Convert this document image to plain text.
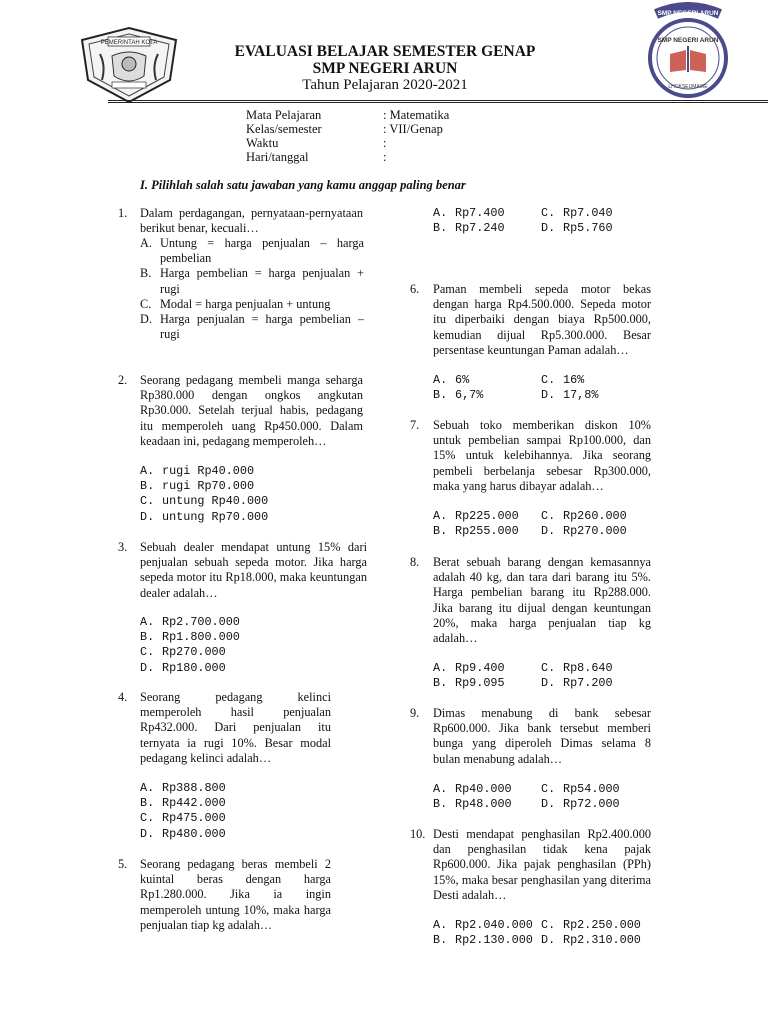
PEMERINTAH KOTA
SMP NEGERI ARUN
SMP NEGERI ARUN
LHOKSEUMAWE
EVALUASI BELAJAR SEMESTER GENAP
SMP NEGERI ARUN
Tahun Pelajaran 2020-2021
Mata Pelajaran	: Matematika
Kelas/semester	: VII/Genap
Waktu	:
Hari/tanggal	:
I. Pilihlah salah satu jawaban yang kamu anggap paling benar
1. Dalam perdagangan, pernyataan-pernyataan berikut benar, kecuali…
A. Untung = harga penjualan – harga pembelian
B. Harga pembelian = harga penjualan + rugi
C. Modal = harga penjualan + untung
D. Harga penjualan = harga pembelian – rugi
2. Seorang pedagang membeli manga seharga Rp380.000 dengan ongkos angkutan Rp30.000. Setelah terjual habis, pedagang itu memperoleh uang Rp450.000. Dalam keadaan ini, pedagang memperoleh…
A. rugi Rp40.000
B. rugi Rp70.000
C. untung Rp40.000
D. untung Rp70.000
3. Sebuah dealer mendapat untung 15% dari penjualan sebuah sepeda motor. Jika harga sepeda motor itu Rp18.000, maka keuntungan dealer adalah…
A. Rp2.700.000
B. Rp1.800.000
C. Rp270.000
D. Rp180.000
4. Seorang pedagang kelinci memperoleh hasil penjualan Rp432.000. Dari penjualan itu ternyata ia rugi 10%. Besar modal pedagang kelinci adalah…
A. Rp388.800
B. Rp442.000
C. Rp475.000
D. Rp480.000
5. Seorang pedagang beras membeli 2 kuintal beras dengan harga Rp1.280.000. Jika ia ingin memperoleh untung 10%, maka harga penjualan tiap kg adalah…
A. Rp7.400	C. Rp7.040
B. Rp7.240	D. Rp5.760
6. Paman membeli sepeda motor bekas dengan harga Rp4.500.000. Sepeda motor itu diperbaiki dengan biaya Rp500.000, kemudian dijual Rp5.300.000. Besar persentase keuntungan Paman adalah…
A. 6%	C. 16%
B. 6,7%	D. 17,8%
7. Sebuah toko memberikan diskon 10% untuk pembelian sampai Rp100.000, dan 15% untuk kelebihannya. Jika seorang pembeli berbelanja sebesar Rp300.000, maka yang harus dibayar adalah…
A. Rp225.000 C. Rp260.000
B. Rp255.000 D. Rp270.000
8. Berat sebuah barang dengan kemasannya adalah 40 kg, dan tara dari barang itu 5%. Harga pembelian barang itu Rp288.000. Jika barang itu dijual dengan keuntungan 20%, maka harga penjualan tiap kg adalah…
A. Rp9.400	C. Rp8.640
B. Rp9.095	D. Rp7.200
9. Dimas menabung di bank sebesar Rp600.000. Jika bank tersebut memberi bunga yang diperoleh Dimas selama 8 bulan menabung adalah…
A. Rp40.000 C. Rp54.000
B. Rp48.000 D. Rp72.000
10. Desti mendapat penghasilan Rp2.400.000 dan penghasilan tidak kena pajak Rp600.000. Jika pajak penghasilan (PPh) 15%, maka besar penghasilan yang diterima Desti adalah…
A. Rp2.040.000 C. Rp2.250.000
B. Rp2.130.000 D. Rp2.310.000
